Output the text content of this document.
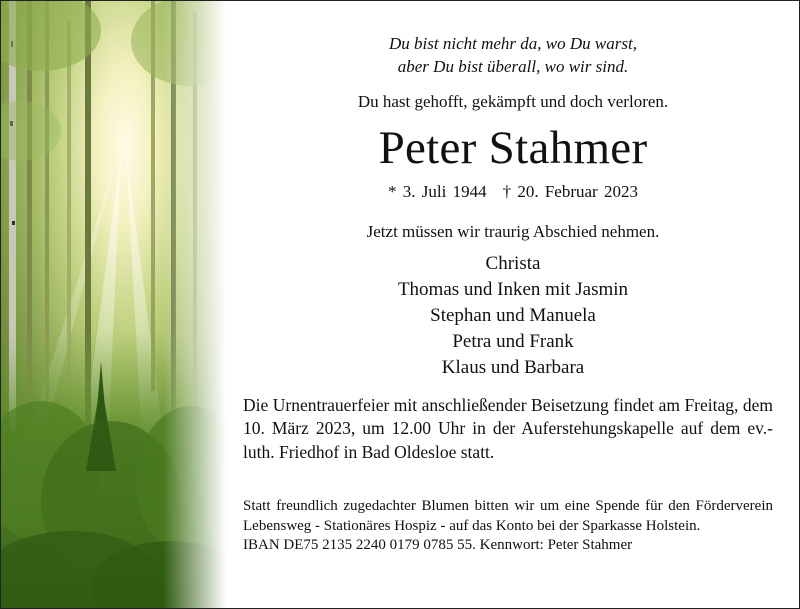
Du bist nicht mehr da, wo Du warst,
aber Du bist überall, wo wir sind.
Du hast gehofft, gekämpft und doch verloren.
Peter Stahmer
* 3. Juli 1944 † 20. Februar 2023
Jetzt müssen wir traurig Abschied nehmen.
Christa
Thomas und Inken mit Jasmin
Stephan und Manuela
Petra und Frank
Klaus und Barbara
Die Urnentrauerfeier mit anschließender Beisetzung findet am Freitag, dem 10. März 2023, um 12.00 Uhr in der Auferstehungskapelle auf dem ev.-luth. Friedhof in Bad Oldesloe statt.
Statt freundlich zugedachter Blumen bitten wir um eine Spende für den Förderverein Lebensweg - Stationäres Hospiz - auf das Konto bei der Sparkasse Holstein.
IBAN DE75 2135 2240 0179 0785 55. Kennwort: Peter Stahmer
